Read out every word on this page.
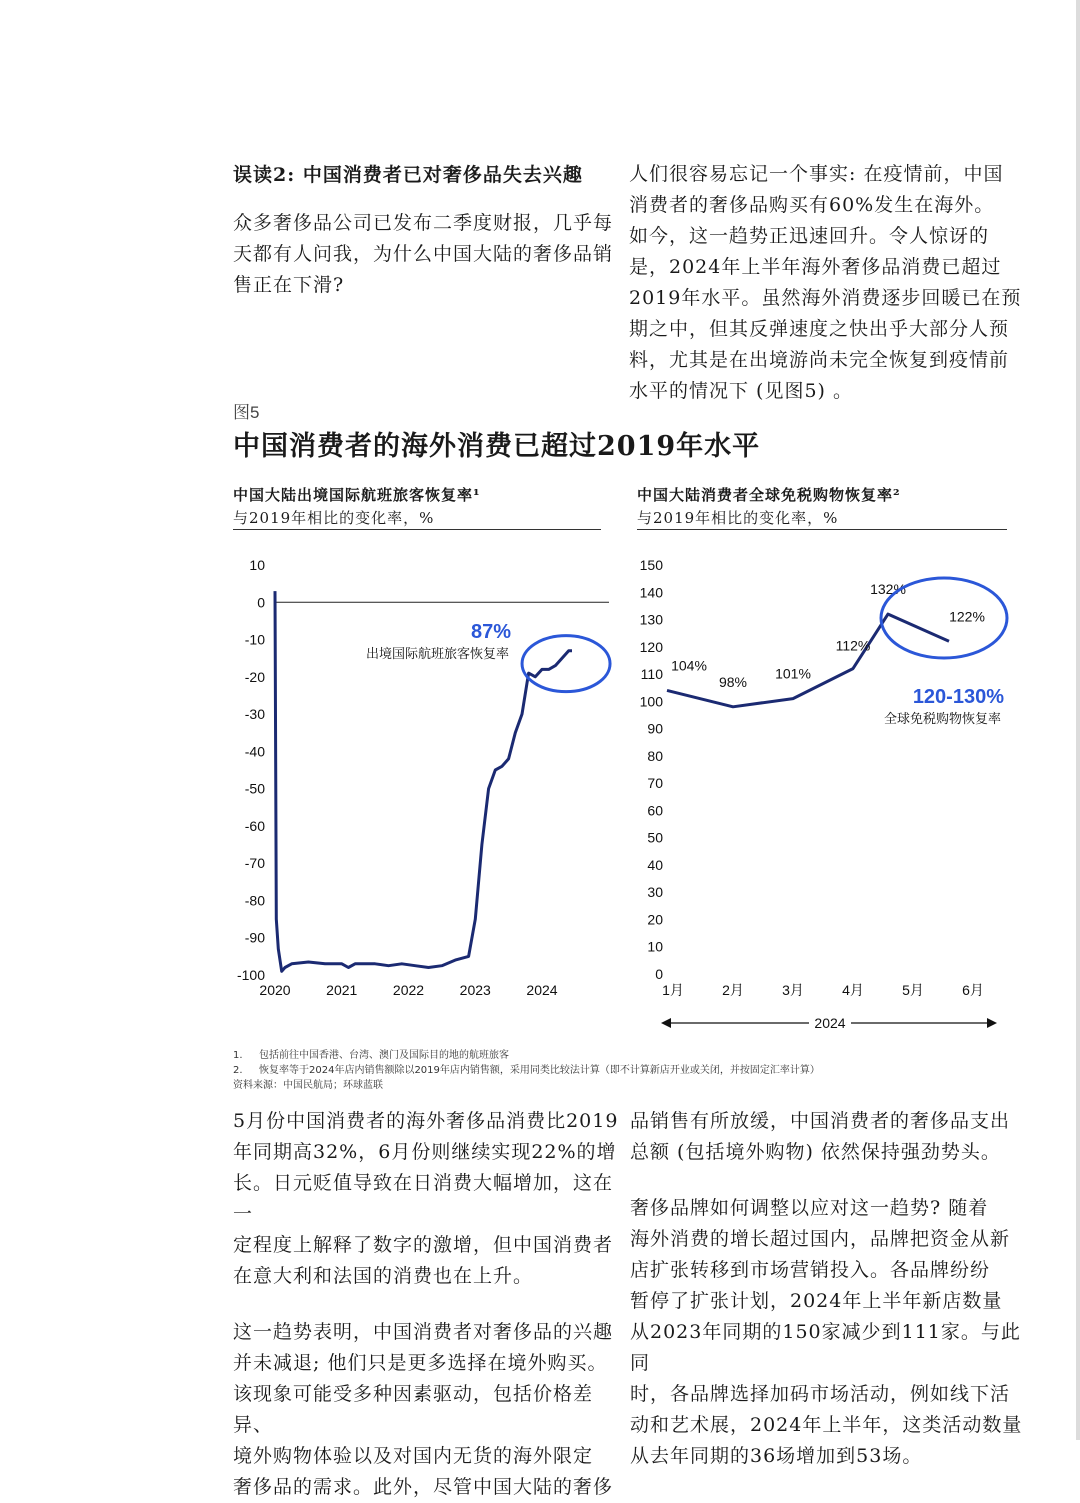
误读2: 中国消费者已对奢侈品失去兴趣
众多奢侈品公司已发布二季度财报，几乎每
天都有人问我，为什么中国大陆的奢侈品销
售正在下滑?
人们很容易忘记一个事实: 在疫情前，中国
消费者的奢侈品购买有60%发生在海外。
如今，这一趋势正迅速回升。令人惊讶的
是，2024年上半年海外奢侈品消费已超过
2019年水平。虽然海外消费逐步回暖已在预
期之中，但其反弹速度之快出乎大部分人预
料，尤其是在出境游尚未完全恢复到疫情前
水平的情况下 (见图5) 。
图5
中国消费者的海外消费已超过2019年水平
中国大陆出境国际航班旅客恢复率¹
与2019年相比的变化率，%
中国大陆消费者全球免税购物恢复率²
与2019年相比的变化率，%
10
0
-10
-20
-30
-40
-50
-60
-70
-80
-90
-100
2020	2021	2022	2023	2024
87%
出境国际航班旅客恢复率
150
140
130
120
110
100
90
80
70
60
50
40
30
20
10
0
1月	2月	3月	4月	5月	6月
104%
98%
101%
112%
132%
122%
120-130%
全球免税购物恢复率
2024
1. 包括前往中国香港、台湾、澳门及国际目的地的航班旅客
2. 恢复率等于2024年店内销售额除以2019年店内销售额，采用同类比较法计算（即不计算新店开业或关闭，并按固定汇率计算）
资料来源：中国民航局；环球蓝联
5月份中国消费者的海外奢侈品消费比2019
年同期高32%，6月份则继续实现22%的增
长。日元贬值导致在日消费大幅增加，这在一
定程度上解释了数字的激增，但中国消费者
在意大利和法国的消费也在上升。
这一趋势表明，中国消费者对奢侈品的兴趣
并未减退; 他们只是更多选择在境外购买。
该现象可能受多种因素驱动，包括价格差异、
境外购物体验以及对国内无货的海外限定
奢侈品的需求。此外，尽管中国大陆的奢侈
品销售有所放缓，中国消费者的奢侈品支出
总额 (包括境外购物) 依然保持强劲势头。
奢侈品牌如何调整以应对这一趋势? 随着
海外消费的增长超过国内，品牌把资金从新
店扩张转移到市场营销投入。各品牌纷纷
暂停了扩张计划，2024年上半年新店数量
从2023年同期的150家减少到111家。与此同
时，各品牌选择加码市场活动，例如线下活
动和艺术展，2024年上半年，这类活动数量
从去年同期的36场增加到53场。
